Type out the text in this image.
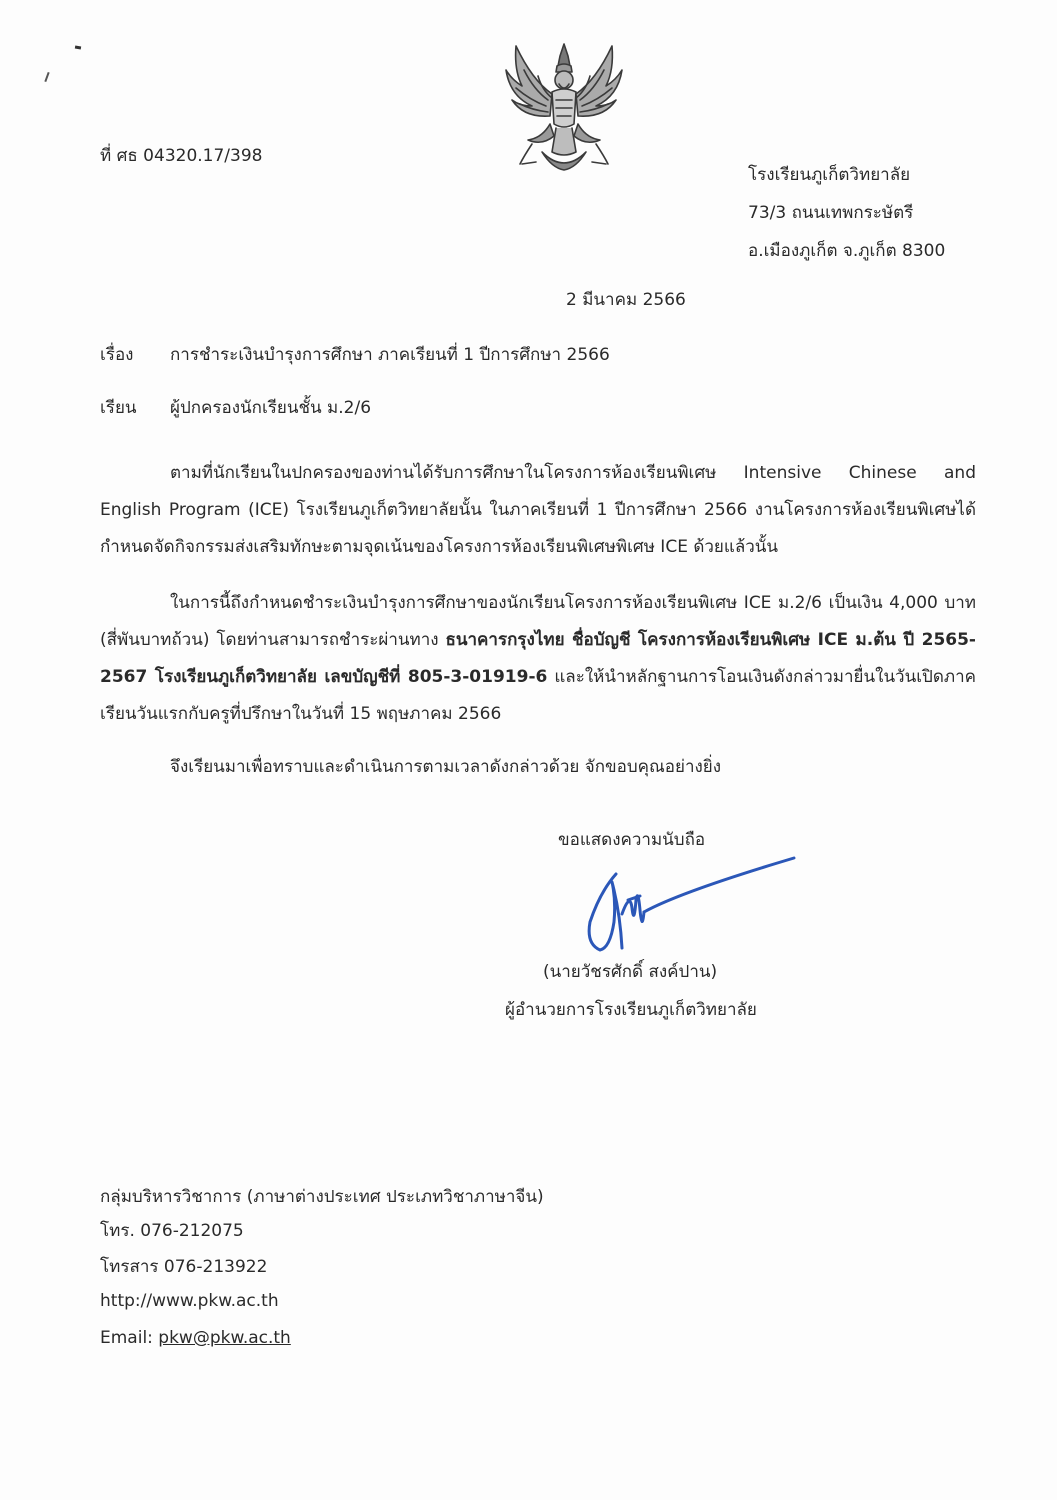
ที่ ศธ 04320.17/398
โรงเรียนภูเก็ตวิทยาลัย
73/3 ถนนเทพกระษัตรี
อ.เมืองภูเก็ต จ.ภูเก็ต 8300
2 มีนาคม 2566
เรื่อง การชำระเงินบำรุงการศึกษา ภาคเรียนที่ 1 ปีการศึกษา 2566
เรียน ผู้ปกครองนักเรียนชั้น ม.2/6
ตามที่นักเรียนในปกครองของท่านได้รับการศึกษาในโครงการห้องเรียนพิเศษ Intensive Chinese and English Program (ICE) โรงเรียนภูเก็ตวิทยาลัยนั้น ในภาคเรียนที่ 1 ปีการศึกษา 2566 งานโครงการห้องเรียนพิเศษได้กำหนดจัดกิจกรรมส่งเสริมทักษะตามจุดเน้นของโครงการห้องเรียนพิเศษพิเศษ ICE ด้วยแล้วนั้น
ในการนี้ถึงกำหนดชำระเงินบำรุงการศึกษาของนักเรียนโครงการห้องเรียนพิเศษ ICE ม.2/6 เป็นเงิน 4,000 บาท (สี่พันบาทถ้วน) โดยท่านสามารถชำระผ่านทาง ธนาคารกรุงไทย ชื่อบัญชี โครงการห้องเรียนพิเศษ ICE ม.ต้น ปี 2565-2567 โรงเรียนภูเก็ตวิทยาลัย เลขบัญชีที่ 805-3-01919-6 และให้นำหลักฐานการโอนเงินดังกล่าวมายื่นในวันเปิดภาคเรียนวันแรกกับครูที่ปรึกษาในวันที่ 15 พฤษภาคม 2566
จึงเรียนมาเพื่อทราบและดำเนินการตามเวลาดังกล่าวด้วย จักขอบคุณอย่างยิ่ง
ขอแสดงความนับถือ
(นายวัชรศักดิ์ สงค์ปาน)
ผู้อำนวยการโรงเรียนภูเก็ตวิทยาลัย
กลุ่มบริหารวิชาการ (ภาษาต่างประเทศ ประเภทวิชาภาษาจีน)
โทร. 076-212075
โทรสาร 076-213922
http://www.pkw.ac.th
Email: pkw@pkw.ac.th
